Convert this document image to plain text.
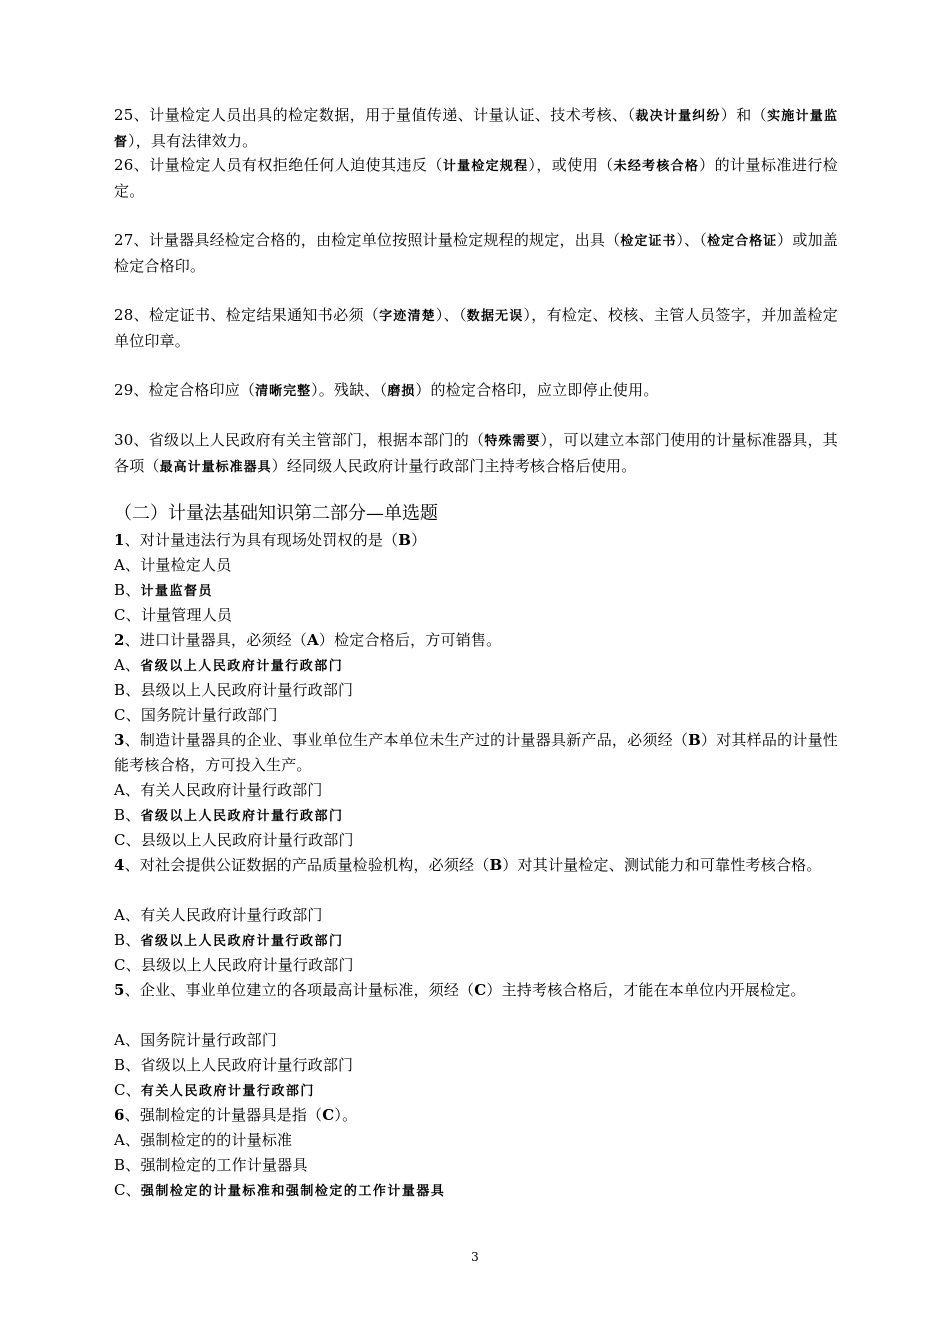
25、计量检定人员出具的检定数据，用于量值传递、计量认证、技术考核、（裁决计量纠纷）和（实施计量监督），具有法律效力。
26、计量检定人员有权拒绝任何人迫使其违反（计量检定规程），或使用（未经考核合格）的计量标准进行检定。
27、计量器具经检定合格的，由检定单位按照计量检定规程的规定，出具（检定证书）、（检定合格证）或加盖检定合格印。
28、检定证书、检定结果通知书必须（字迹清楚）、（数据无误），有检定、校核、主管人员签字，并加盖检定单位印章。
29、检定合格印应（清晰完整）。残缺、（磨损）的检定合格印，应立即停止使用。
30、省级以上人民政府有关主管部门，根据本部门的（特殊需要），可以建立本部门使用的计量标准器具，其各项（最高计量标准器具）经同级人民政府计量行政部门主持考核合格后使用。
（二）计量法基础知识第二部分—单选题
1、对计量违法行为具有现场处罚权的是（B）
A、计量检定人员
B、计量监督员
C、计量管理人员
2、进口计量器具，必须经（A）检定合格后，方可销售。
A、省级以上人民政府计量行政部门
B、县级以上人民政府计量行政部门
C、国务院计量行政部门
3、制造计量器具的企业、事业单位生产本单位未生产过的计量器具新产品，必须经（B）对其样品的计量性能考核合格，方可投入生产。
A、有关人民政府计量行政部门
B、省级以上人民政府计量行政部门
C、县级以上人民政府计量行政部门
4、对社会提供公证数据的产品质量检验机构，必须经（B）对其计量检定、测试能力和可靠性考核合格。
A、有关人民政府计量行政部门
B、省级以上人民政府计量行政部门
C、县级以上人民政府计量行政部门
5、企业、事业单位建立的各项最高计量标准，须经（C）主持考核合格后，才能在本单位内开展检定。
A、国务院计量行政部门
B、省级以上人民政府计量行政部门
C、有关人民政府计量行政部门
6、强制检定的计量器具是指（C）。
A、强制检定的的计量标准
B、强制检定的工作计量器具
C、强制检定的计量标准和强制检定的工作计量器具
3
